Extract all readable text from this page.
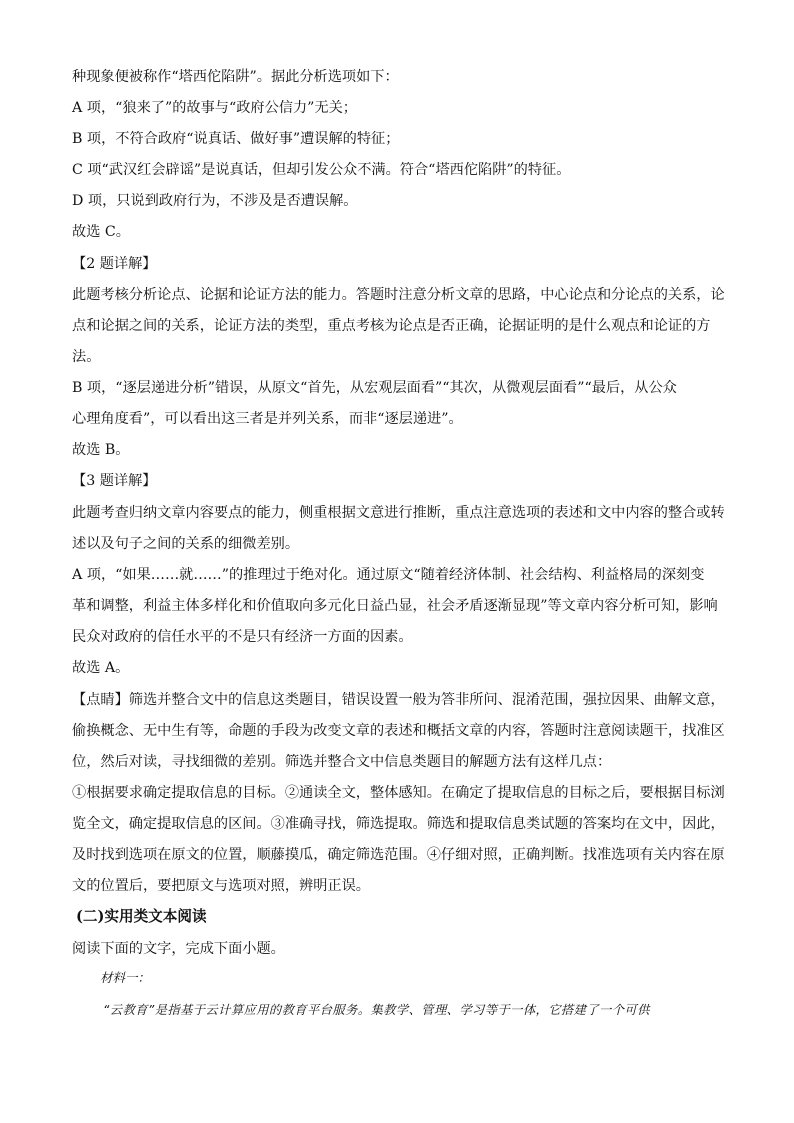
种现象便被称作“塔西佗陷阱”。据此分析选项如下：
A 项，“狼来了”的故事与“政府公信力”无关；
B 项，不符合政府“说真话、做好事”遭误解的特征；
C 项“武汉红会辟谣”是说真话，但却引发公众不满。符合“塔西佗陷阱”的特征。
D 项，只说到政府行为，不涉及是否遭误解。
故选 C。
【2 题详解】
此题考核分析论点、论据和论证方法的能力。答题时注意分析文章的思路，中心论点和分论点的关系，论
点和论据之间的关系，论证方法的类型，重点考核为论点是否正确，论据证明的是什么观点和论证的方
法。
B 项，“逐层递进分析”错误，从原文“首先，从宏观层面看”“其次，从微观层面看”“最后，从公众
心理角度看”，可以看出这三者是并列关系，而非“逐层递进”。
故选 B。
【3 题详解】
此题考查归纳文章内容要点的能力，侧重根据文意进行推断，重点注意选项的表述和文中内容的整合或转
述以及句子之间的关系的细微差别。
A 项，“如果……就……”的推理过于绝对化。通过原文“随着经济体制、社会结构、利益格局的深刻变
革和调整，利益主体多样化和价值取向多元化日益凸显，社会矛盾逐渐显现”等文章内容分析可知，影响
民众对政府的信任水平的不是只有经济一方面的因素。
故选 A。
【点睛】筛选并整合文中的信息这类题目，错误设置一般为答非所问、混淆范围，强拉因果、曲解文意，
偷换概念、无中生有等，命题的手段为改变文章的表述和概括文章的内容，答题时注意阅读题干，找准区
位，然后对读，寻找细微的差别。筛选并整合文中信息类题目的解题方法有这样几点：
①根据要求确定提取信息的目标。②通读全文，整体感知。在确定了提取信息的目标之后，要根据目标浏
览全文，确定提取信息的区间。③准确寻找，筛选提取。筛选和提取信息类试题的答案均在文中，因此，
及时找到选项在原文的位置，顺藤摸瓜，确定筛选范围。④仔细对照，正确判断。找准选项有关内容在原
文的位置后，要把原文与选项对照，辨明正误。
(二)实用类文本阅读
阅读下面的文字，完成下面小题。
材料一：
“云教育”是指基于云计算应用的教育平台服务。集教学、管理、学习等于一体，它搭建了一个可供
